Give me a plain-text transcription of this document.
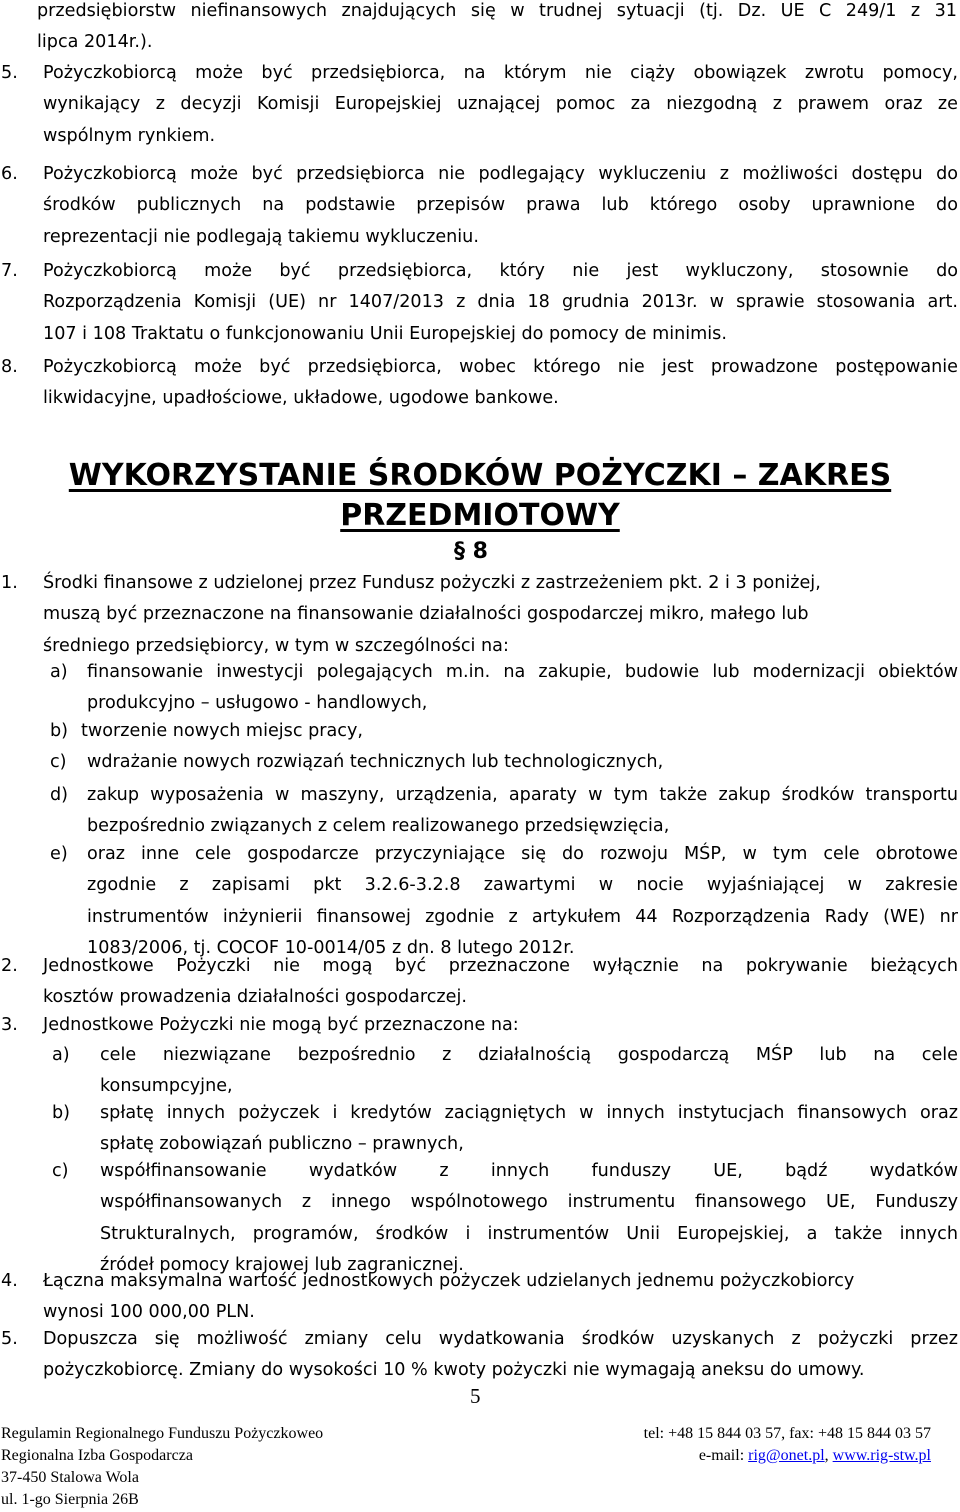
przedsiębiorstw niefinansowych znajdujących się w trudnej sytuacji (tj. Dz. UE C 249/1 z 31
lipca 2014r.).
5. Pożyczkobiorcą może być przedsiębiorca, na którym nie ciąży obowiązek zwrotu pomocy,
wynikający z decyzji Komisji Europejskiej uznającej pomoc za niezgodną z prawem oraz ze
wspólnym rynkiem.
6. Pożyczkobiorcą może być przedsiębiorca nie podlegający wykluczeniu z możliwości dostępu do
środków publicznych na podstawie przepisów prawa lub którego osoby uprawnione do
reprezentacji nie podlegają takiemu wykluczeniu.
7. Pożyczkobiorcą może być przedsiębiorca, który nie jest wykluczony, stosownie do
Rozporządzenia Komisji (UE) nr 1407/2013 z dnia 18 grudnia 2013r. w sprawie stosowania art.
107 i 108 Traktatu o funkcjonowaniu Unii Europejskiej do pomocy de minimis.
8. Pożyczkobiorcą może być przedsiębiorca, wobec którego nie jest prowadzone postępowanie
likwidacyjne, upadłościowe, układowe, ugodowe bankowe.
WYKORZYSTANIE ŚRODKÓW POŻYCZKI – ZAKRES
PRZEDMIOTOWY
§ 8
1. Środki finansowe z udzielonej przez Fundusz pożyczki z zastrzeżeniem pkt. 2 i 3 poniżej,
muszą być przeznaczone na finansowanie działalności gospodarczej mikro, małego lub
średniego przedsiębiorcy, w tym w szczególności na:
a) finansowanie inwestycji polegających m.in. na zakupie, budowie lub modernizacji obiektów
produkcyjno – usługowo - handlowych,
b) tworzenie nowych miejsc pracy,
c) wdrażanie nowych rozwiązań technicznych lub technologicznych,
d) zakup wyposażenia w maszyny, urządzenia, aparaty w tym także zakup środków transportu
bezpośrednio związanych z celem realizowanego przedsięwzięcia,
e) oraz inne cele gospodarcze przyczyniające się do rozwoju MŚP, w tym cele obrotowe
zgodnie z zapisami pkt 3.2.6-3.2.8 zawartymi w nocie wyjaśniającej w zakresie
instrumentów inżynierii finansowej zgodnie z artykułem 44 Rozporządzenia Rady (WE) nr
1083/2006, tj. COCOF 10-0014/05 z dn. 8 lutego 2012r.
2. Jednostkowe Pożyczki nie mogą być przeznaczone wyłącznie na pokrywanie bieżących
kosztów prowadzenia działalności gospodarczej.
3. Jednostkowe Pożyczki nie mogą być przeznaczone na:
a) cele niezwiązane bezpośrednio z działalnością gospodarczą MŚP lub na cele
konsumpcyjne,
b) spłatę innych pożyczek i kredytów zaciągniętych w innych instytucjach finansowych oraz
spłatę zobowiązań publiczno – prawnych,
c) współfinansowanie wydatków z innych funduszy UE, bądź wydatków
współfinansowanych z innego wspólnotowego instrumentu finansowego UE, Funduszy
Strukturalnych, programów, środków i instrumentów Unii Europejskiej, a także innych
źródeł pomocy krajowej lub zagranicznej.
4. Łączna maksymalna wartość jednostkowych pożyczek udzielanych jednemu pożyczkobiorcy
wynosi 100 000,00 PLN.
5. Dopuszcza się możliwość zmiany celu wydatkowania środków uzyskanych z pożyczki przez
pożyczkobiorcę. Zmiany do wysokości 10 % kwoty pożyczki nie wymagają aneksu do umowy.
5
Regulamin Regionalnego Funduszu Pożyczkoweo
Regionalna Izba Gospodarcza
37-450 Stalowa Wola
ul. 1-go Sierpnia 26B
tel: +48 15 844 03 57, fax: +48 15 844 03 57
e-mail: rig@onet.pl, www.rig-stw.pl
